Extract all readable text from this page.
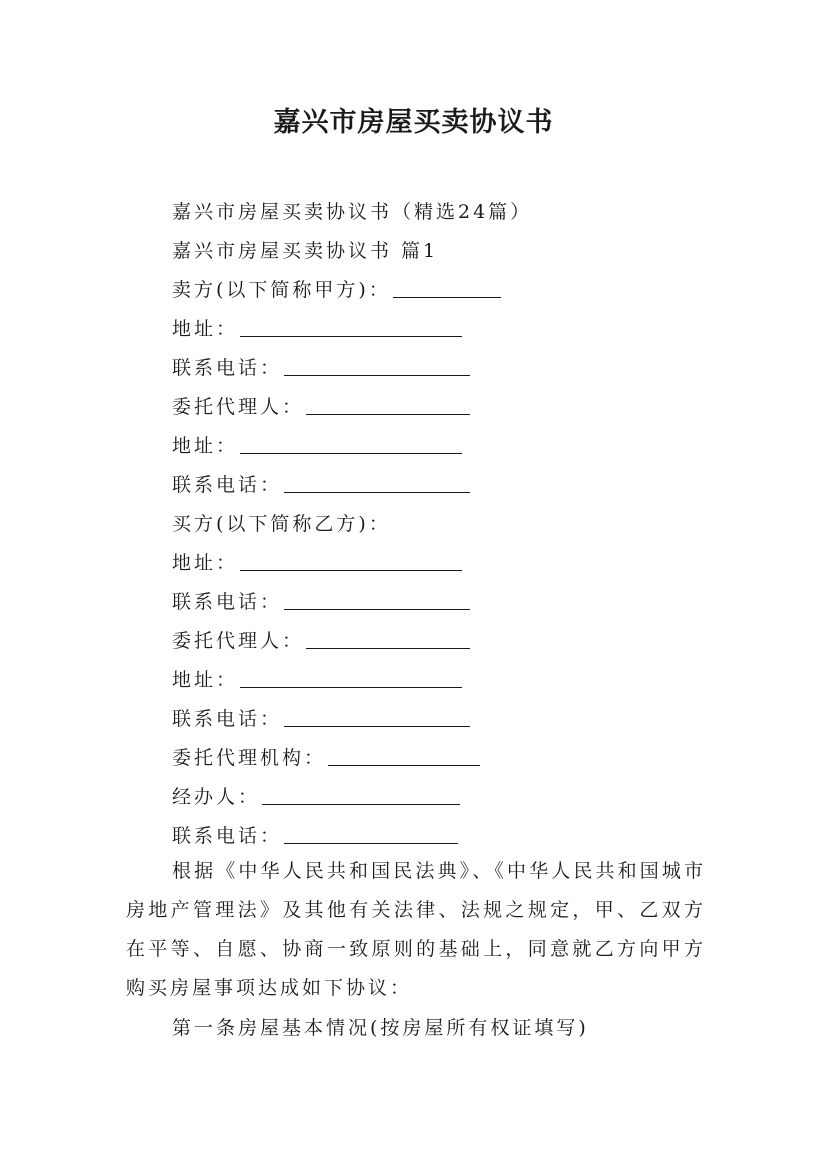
嘉兴市房屋买卖协议书
嘉兴市房屋买卖协议书（精选24篇）
嘉兴市房屋买卖协议书 篇1
卖方(以下简称甲方)：
地址：
联系电话：
委托代理人：
地址：
联系电话：
买方(以下简称乙方)：
地址：
联系电话：
委托代理人：
地址：
联系电话：
委托代理机构：
经办人：
联系电话：
根据《中华人民共和国民法典》、《中华人民共和国城市房地产管理法》及其他有关法律、法规之规定，甲、乙双方在平等、自愿、协商一致原则的基础上，同意就乙方向甲方购买房屋事项达成如下协议：
第一条房屋基本情况(按房屋所有权证填写)
